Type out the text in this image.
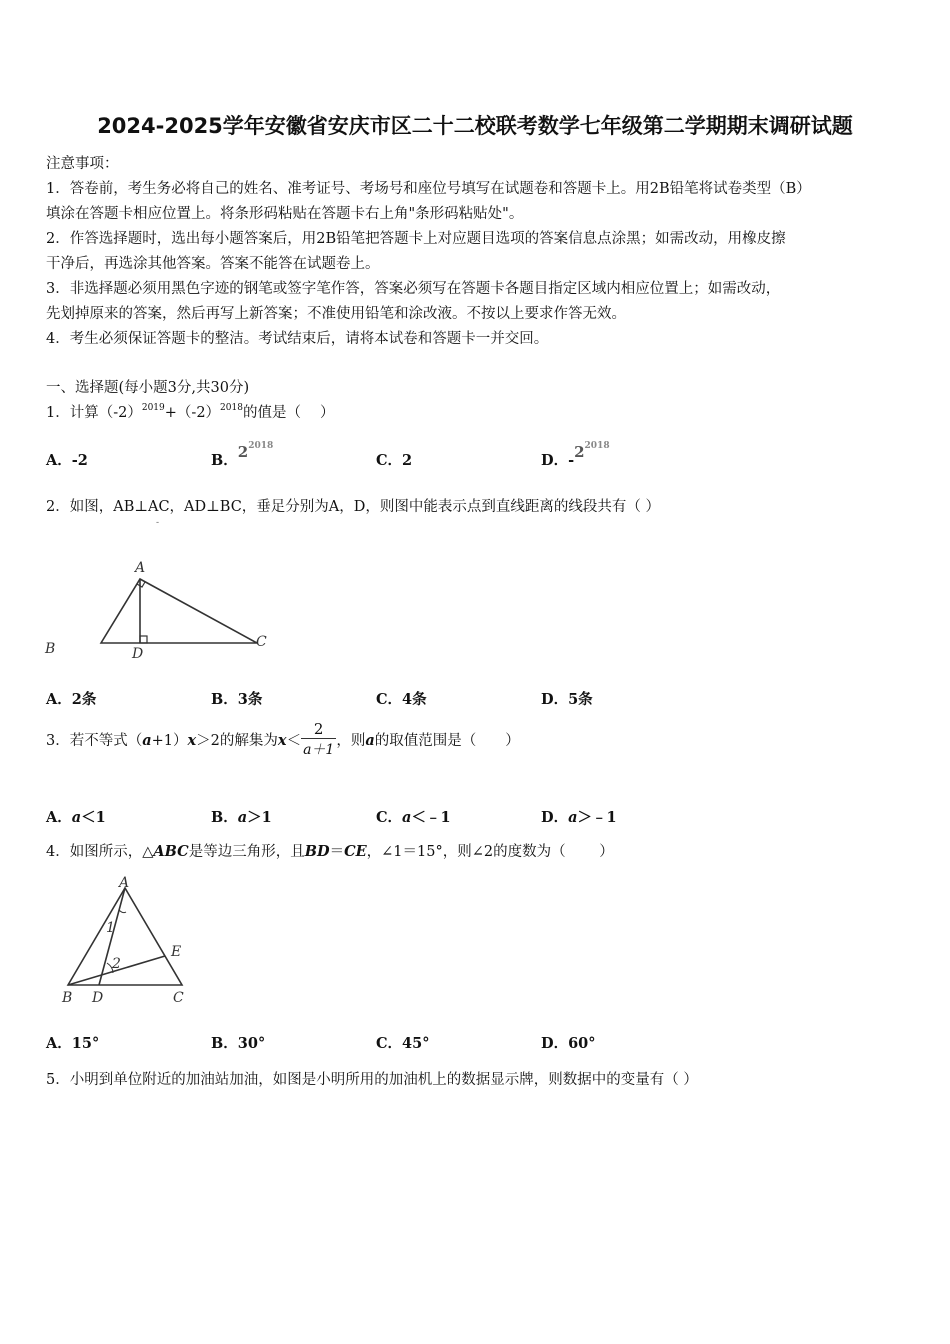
2024-2025学年安徽省安庆市区二十二校联考数学七年级第二学期期末调研试题
注意事项：
1．答卷前，考生务必将自己的姓名、准考证号、考场号和座位号填写在试题卷和答题卡上。用2B铅笔将试卷类型（B）
填涂在答题卡相应位置上。将条形码粘贴在答题卡右上角"条形码粘贴处"。
2．作答选择题时，选出每小题答案后，用2B铅笔把答题卡上对应题目选项的答案信息点涂黑；如需改动，用橡皮擦
干净后，再选涂其他答案。答案不能答在试题卷上。
3．非选择题必须用黑色字迹的钢笔或签字笔作答，答案必须写在答题卡各题目指定区域内相应位置上；如需改动，
先划掉原来的答案，然后再写上新答案；不准使用铅笔和涂改液。不按以上要求作答无效。
4．考生必须保证答题卡的整洁。考试结束后，请将本试卷和答题卡一并交回。
一、选择题(每小题3分,共30分)
1．计算$(-2)^{2019}+(-2)^{2018}$的值是（　 ）
A．-2	B．$2^{2018}$
C．2	D．$-2^{2018}$
2．如图，AB⊥AC，AD⊥BC，垂足分别为A，D，则图中能表示点到直线距离的线段共有（ ）
-
A
B	C
D
A．2条	B．3条	C．4条	D．5条
3．若不等式（a+1）x＞2的解集为$x< \frac{2}{a+1}$ ，则a的取值范围是（　　）
A．a＜1	B．a＞1	C．a＜﹣1	D．a＞﹣1
4．如图所示，△ABC是等边三角形，且BD＝CE，∠1＝15°，则∠2的度数为（　　 ）
A
B	C
D
E
1
2
A．15°	B．30°	C．45°	D．60°
5．小明到单位附近的加油站加油，如图是小明所用的加油机上的数据显示牌，则数据中的变量有（ ）
